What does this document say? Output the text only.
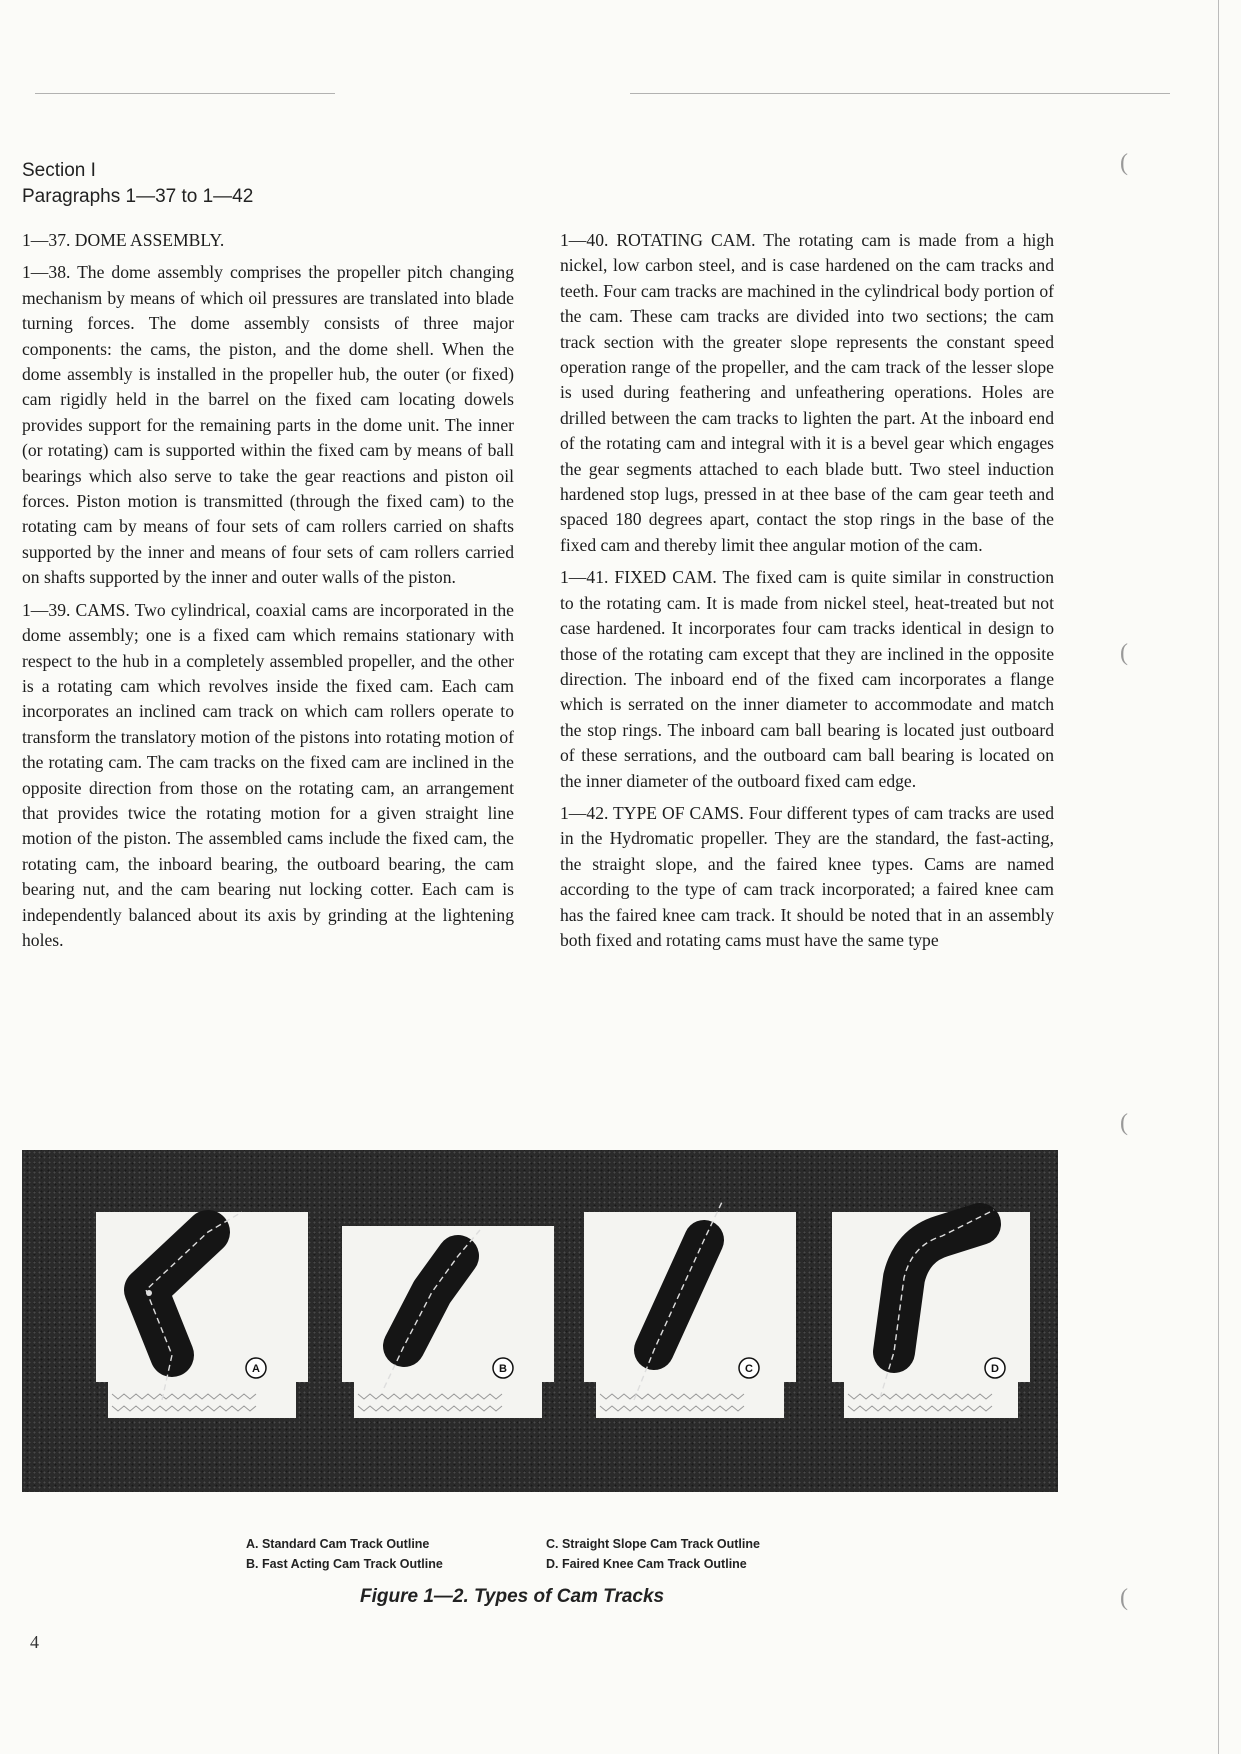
Section I
Paragraphs 1—37 to 1—42

1—37. DOME ASSEMBLY.

1—38. The dome assembly comprises the propeller pitch changing mechanism by means of which oil pressures are translated into blade turning forces. The dome assembly consists of three major components: the cams, the piston, and the dome shell. When the dome assembly is installed in the propeller hub, the outer (or fixed) cam rigidly held in the barrel on the fixed cam locating dowels provides support for the remaining parts in the dome unit. The inner (or rotating) cam is supported within the fixed cam by means of ball bearings which also serve to take the gear reactions and piston oil forces. Piston motion is transmitted (through the fixed cam) to the rotating cam by means of four sets of cam rollers carried on shafts supported by the inner and means of four sets of cam rollers carried on shafts supported by the inner and outer walls of the piston.

1—39. CAMS. Two cylindrical, coaxial cams are incorporated in the dome assembly; one is a fixed cam which remains stationary with respect to the hub in a completely assembled propeller, and the other is a rotating cam which revolves inside the fixed cam. Each cam incorporates an inclined cam track on which cam rollers operate to transform the translatory motion of the pistons into rotating motion of the rotating cam. The cam tracks on the fixed cam are inclined in the opposite direction from those on the rotating cam, an arrangement that provides twice the rotating motion for a given straight line motion of the piston. The assembled cams include the fixed cam, the rotating cam, the inboard bearing, the outboard bearing, the cam bearing nut, and the cam bearing nut locking cotter. Each cam is independently balanced about its axis by grinding at the lightening holes.

1—40. ROTATING CAM. The rotating cam is made from a high nickel, low carbon steel, and is case hardened on the cam tracks and teeth. Four cam tracks are machined in the cylindrical body portion of the cam. These cam tracks are divided into two sections; the cam track section with the greater slope represents the constant speed operation range of the propeller, and the cam track of the lesser slope is used during feathering and unfeathering operations. Holes are drilled between the cam tracks to lighten the part. At the inboard end of the rotating cam and integral with it is a bevel gear which engages the gear segments attached to each blade butt. Two steel induction hardened stop lugs, pressed in at thee base of the cam gear teeth and spaced 180 degrees apart, contact the stop rings in the base of the fixed cam and thereby limit thee angular motion of the cam.

1—41. FIXED CAM. The fixed cam is quite similar in construction to the rotating cam. It is made from nickel steel, heat-treated but not case hardened. It incorporates four cam tracks identical in design to those of the rotating cam except that they are inclined in the opposite direction. The inboard end of the fixed cam incorporates a flange which is serrated on the inner diameter to accommodate and match the stop rings. The inboard cam ball bearing is located just outboard of these serrations, and the outboard cam ball bearing is located on the inner diameter of the outboard fixed cam edge.

1—42. TYPE OF CAMS. Four different types of cam tracks are used in the Hydromatic propeller. They are the standard, the fast-acting, the straight slope, and the faired knee types. Cams are named according to the type of cam track incorporated; a faired knee cam has the faired knee cam track. It should be noted that in an assembly both fixed and rotating cams must have the same type

A	B	C	D
A. Standard Cam Track Outline
B. Fast Acting Cam Track Outline
C. Straight Slope Cam Track Outline
D. Faired Knee Cam Track Outline
Figure 1—2. Types of Cam Tracks
4
(
(
(
(
